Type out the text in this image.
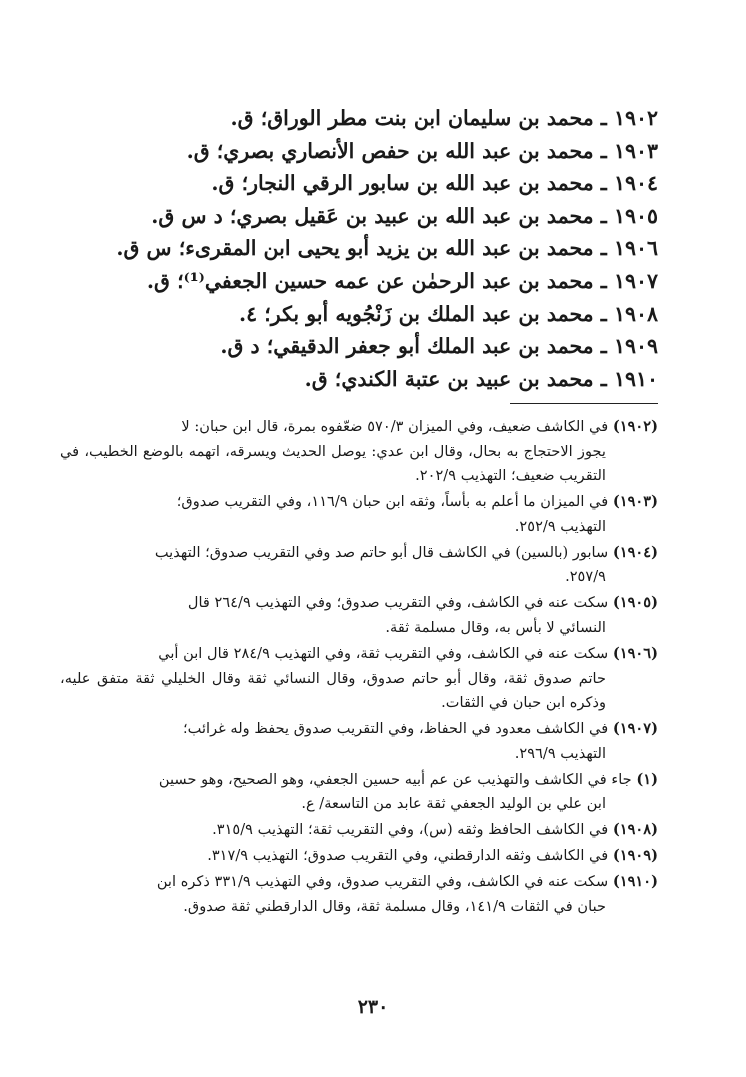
١٩٠٢ ـ محمد بن سليمان ابن بنت مطر الوراق؛ ق.
١٩٠٣ ـ محمد بن عبد الله بن حفص الأنصاري بصري؛ ق.
١٩٠٤ ـ محمد بن عبد الله بن سابور الرقي النجار؛ ق.
١٩٠٥ ـ محمد بن عبد الله بن عبيد بن عَقيل بصري؛ د س ق.
١٩٠٦ ـ محمد بن عبد الله بن يزيد أبو يحيى ابن المقرىء؛ س ق.
١٩٠٧ ـ محمد بن عبد الرحمٰن عن عمه حسين الجعفي⁽¹⁾؛ ق.
١٩٠٨ ـ محمد بن عبد الملك بن زَنْجُويه أبو بكر؛ ٤.
١٩٠٩ ـ محمد بن عبد الملك أبو جعفر الدقيقي؛ د ق.
١٩١٠ ـ محمد بن عبيد بن عتبة الكندي؛ ق.
(١٩٠٢) في الكاشف ضعيف، وفي الميزان ٥٧٠/٣ ضعّفوه بمرة، قال ابن حبان: لا
يجوز الاحتجاج به بحال، وقال ابن عدي: يوصل الحديث ويسرقه، اتهمه بالوضع الخطيب، في التقريب ضعيف؛ التهذيب ٢٠٢/٩.
(١٩٠٣) في الميزان ما أعلم به بأساً، وثقه ابن حبان ١١٦/٩، وفي التقريب صدوق؛
التهذيب ٢٥٢/٩.
(١٩٠٤) سابور (بالسين) في الكاشف قال أبو حاتم صد وفي التقريب صدوق؛ التهذيب
٢٥٧/٩.
(١٩٠٥) سكت عنه في الكاشف، وفي التقريب صدوق؛ وفي التهذيب ٢٦٤/٩ قال
النسائي لا بأس به، وقال مسلمة ثقة.
(١٩٠٦) سكت عنه في الكاشف، وفي التقريب ثقة، وفي التهذيب ٢٨٤/٩ قال ابن أبي
حاتم صدوق ثقة، وقال أبو حاتم صدوق، وقال النسائي ثقة وقال الخليلي ثقة متفق عليه، وذكره ابن حبان في الثقات.
(١٩٠٧) في الكاشف معدود في الحفاظ، وفي التقريب صدوق يحفظ وله غرائب؛
التهذيب ٢٩٦/٩.
(١) جاء في الكاشف والتهذيب عن عم أبيه حسين الجعفي، وهو الصحيح، وهو حسين
ابن علي بن الوليد الجعفي ثقة عابد من التاسعة/ ع.
(١٩٠٨) في الكاشف الحافظ وثقه (س)، وفي التقريب ثقة؛ التهذيب ٣١٥/٩.
(١٩٠٩) في الكاشف وثقه الدارقطني، وفي التقريب صدوق؛ التهذيب ٣١٧/٩.
(١٩١٠) سكت عنه في الكاشف، وفي التقريب صدوق، وفي التهذيب ٣٣١/٩ ذكره ابن
حبان في الثقات ١٤١/٩، وقال مسلمة ثقة، وقال الدارقطني ثقة صدوق.
٢٣٠
